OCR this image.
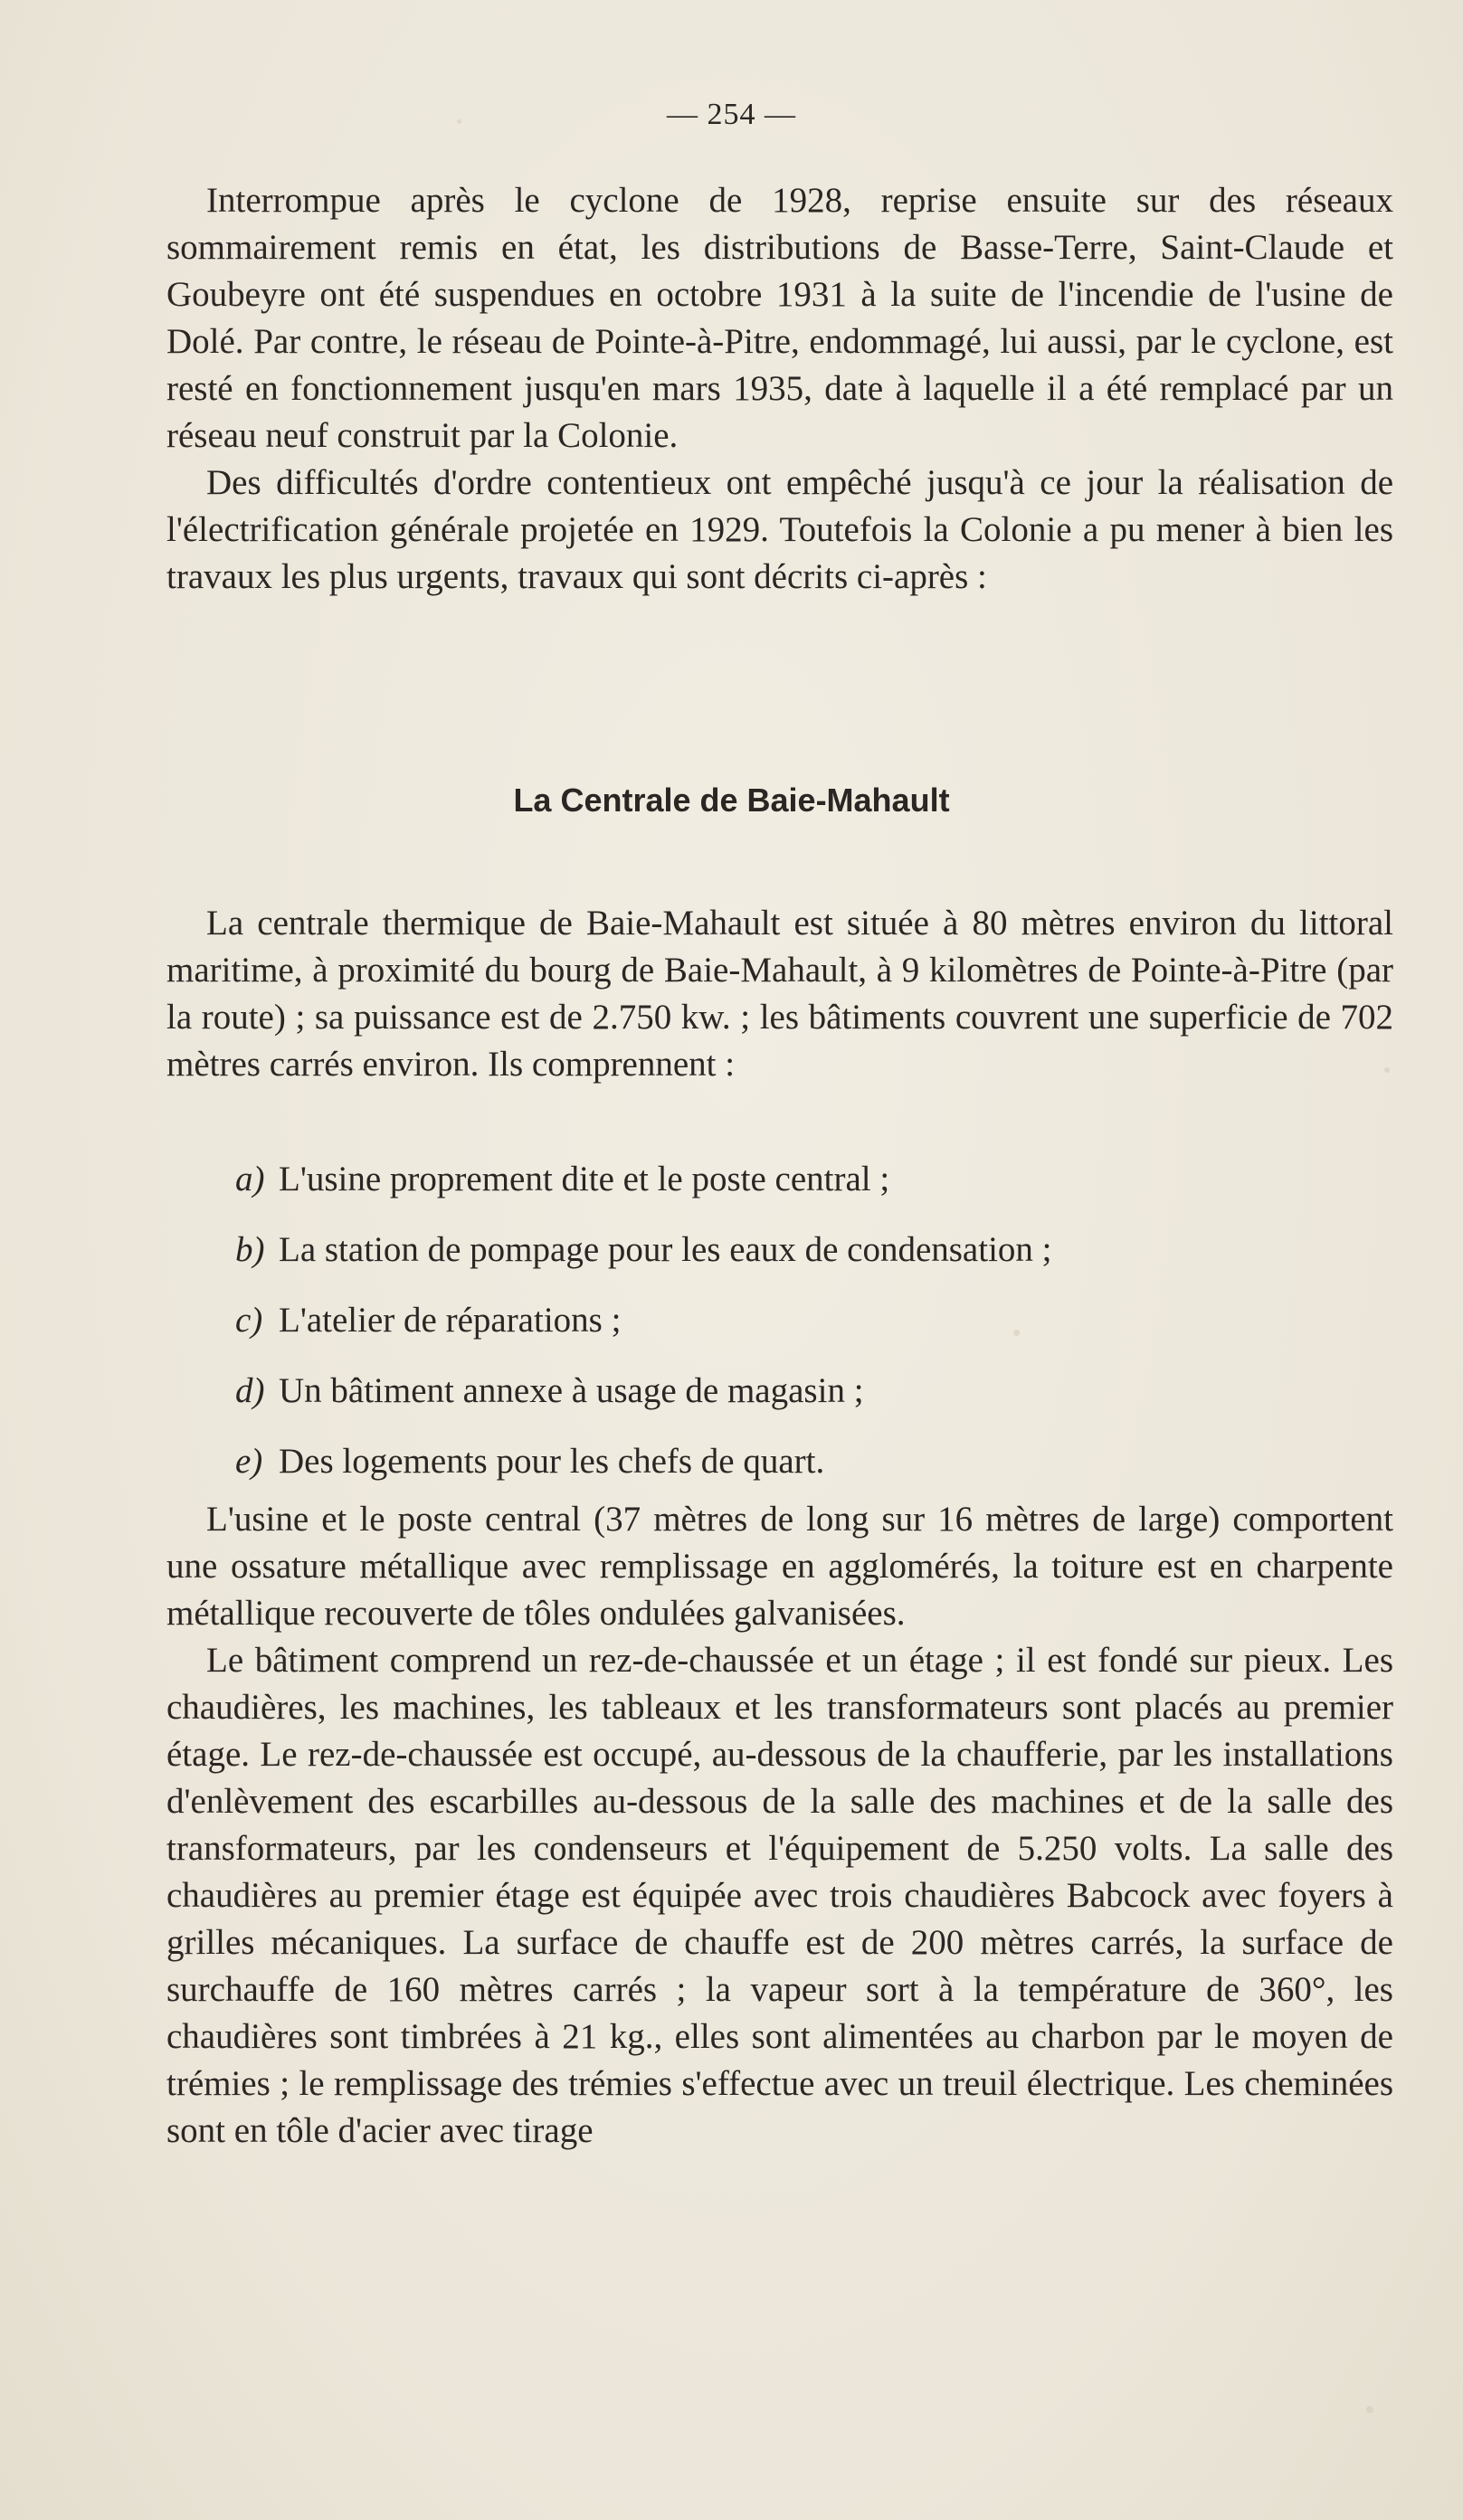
— 254 —

Interrompue après le cyclone de 1928, reprise ensuite sur des réseaux sommairement remis en état, les distributions de Basse-Terre, Saint-Claude et Goubeyre ont été suspendues en octobre 1931 à la suite de l'incendie de l'usine de Dolé. Par contre, le réseau de Pointe-à-Pitre, endommagé, lui aussi, par le cyclone, est resté en fonctionnement jusqu'en mars 1935, date à laquelle il a été remplacé par un réseau neuf construit par la Colonie.

Des difficultés d'ordre contentieux ont empêché jusqu'à ce jour la réalisation de l'électrification générale projetée en 1929. Toutefois la Colonie a pu mener à bien les travaux les plus urgents, travaux qui sont décrits ci-après :

La Centrale de Baie-Mahault

La centrale thermique de Baie-Mahault est située à 80 mètres environ du littoral maritime, à proximité du bourg de Baie-Mahault, à 9 kilomètres de Pointe-à-Pitre (par la route) ; sa puissance est de 2.750 kw. ; les bâtiments couvrent une superficie de 702 mètres carrés environ. Ils comprennent :

a) L'usine proprement dite et le poste central ;
b) La station de pompage pour les eaux de condensation ;
c) L'atelier de réparations ;
d) Un bâtiment annexe à usage de magasin ;
e) Des logements pour les chefs de quart.

L'usine et le poste central (37 mètres de long sur 16 mètres de large) comportent une ossature métallique avec remplissage en agglomérés, la toiture est en charpente métallique recouverte de tôles ondulées galvanisées.

Le bâtiment comprend un rez-de-chaussée et un étage ; il est fondé sur pieux. Les chaudières, les machines, les tableaux et les transformateurs sont placés au premier étage. Le rez-de-chaussée est occupé, au-dessous de la chaufferie, par les installations d'enlèvement des escarbilles au-dessous de la salle des machines et de la salle des transformateurs, par les condenseurs et l'équipement de 5.250 volts. La salle des chaudières au premier étage est équipée avec trois chaudières Babcock avec foyers à grilles mécaniques. La surface de chauffe est de 200 mètres carrés, la surface de surchauffe de 160 mètres carrés ; la vapeur sort à la température de 360°, les chaudières sont timbrées à 21 kg., elles sont alimentées au charbon par le moyen de trémies ; le remplissage des trémies s'effectue avec un treuil électrique. Les cheminées sont en tôle d'acier avec tirage
